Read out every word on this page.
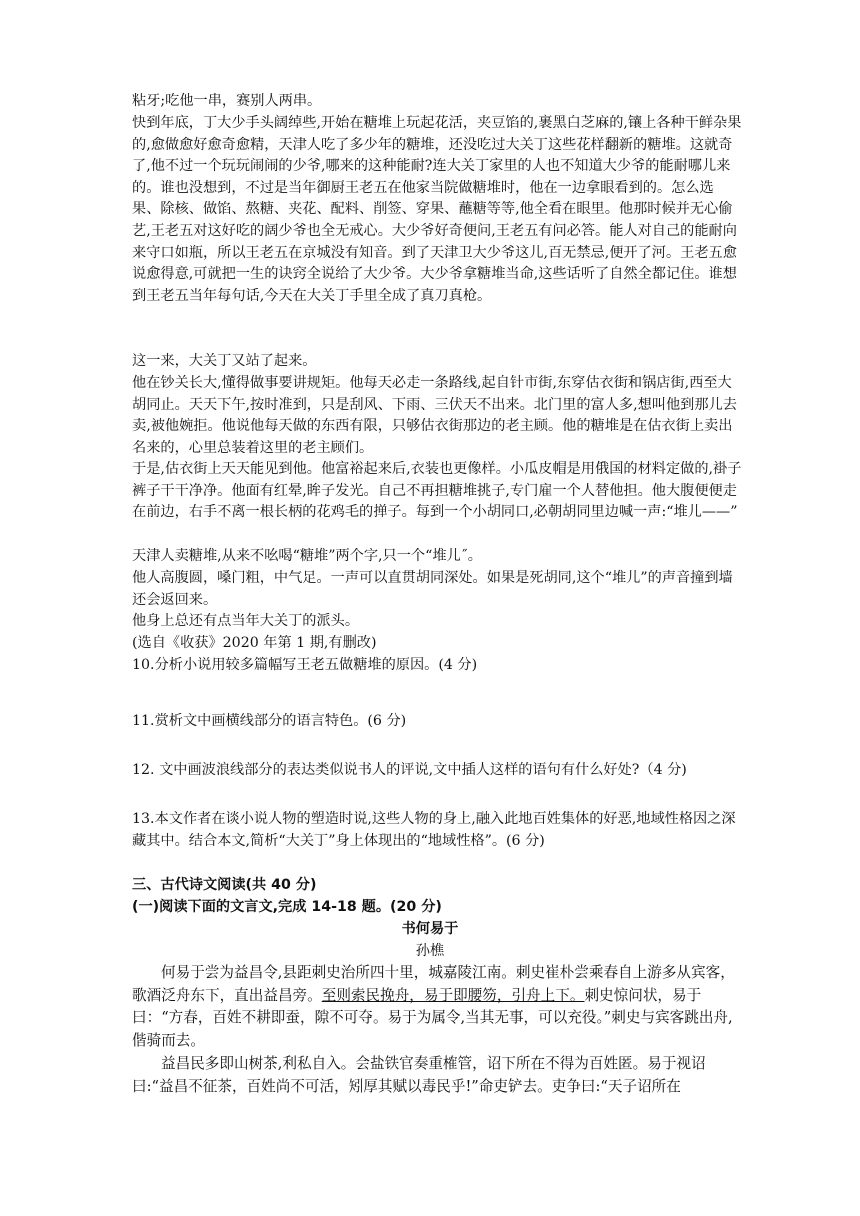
粘牙;吃他一串，赛别人两串。
快到年底，丁大少手头阔绰些,开始在糖堆上玩起花活，夹豆馅的,裹黑白芝麻的,镶上各种干鲜杂果的,愈做愈好愈奇愈精，天津人吃了多少年的糖堆，还没吃过大关丁这些花样翻新的糖堆。这就奇了,他不过一个玩玩闹闹的少爷,哪来的这种能耐?连大关丁家里的人也不知道大少爷的能耐哪儿来的。谁也没想到，不过是当年御厨王老五在他家当院做糖堆时，他在一边拿眼看到的。怎么选果、除核、做馅、熬糖、夹花、配料、削签、穿果、蘸糖等等,他全看在眼里。他那时候并无心偷艺,王老五对这好吃的阔少爷也全无戒心。大少爷好奇便问,王老五有问必答。能人对自己的能耐向来守口如瓶，所以王老五在京城没有知音。到了天津卫大少爷这儿,百无禁忌,便开了河。王老五愈说愈得意,可就把一生的诀窍全说给了大少爷。大少爷拿糖堆当命,这些话听了自然全都记住。谁想到王老五当年每句话,今天在大关丁手里全成了真刀真枪。
这一来，大关丁又站了起来。
他在钞关长大,懂得做事要讲规矩。他每天必走一条路线,起自针市街,东穿估衣街和锅店街,西至大胡同止。天天下午,按时准到，只是刮风、下雨、三伏天不出来。北门里的富人多,想叫他到那儿去卖,被他婉拒。他说他每天做的东西有限，只够估衣街那边的老主顾。他的糖堆是在估衣街上卖出名来的，心里总装着这里的老主顾们。
于是,估衣街上天天能见到他。他富裕起来后,衣装也更像样。小瓜皮帽是用俄国的材料定做的,褂子裤子干干净净。他面有红晕,眸子发光。自己不再担糖堆挑子,专门雇一个人替他担。他大腹便便走在前边，右手不离一根长柄的花鸡毛的掸子。每到一个小胡同口,必朝胡同里边喊一声:“堆儿——”
天津人卖糖堆,从来不吆喝“糖堆”两个字,只一个“堆儿˝。
他人高腹圆，嗓门粗，中气足。一声可以直贯胡同深处。如果是死胡同,这个“堆儿”的声音撞到墙还会返回来。
他身上总还有点当年大关丁的派头。
(选自《收获》2020 年第 1 期,有删改)
10.分析小说用较多篇幅写王老五做糖堆的原因。(4 分)
11.赏析文中画横线部分的语言特色。(6 分)
12. 文中画波浪线部分的表达类似说书人的评说,文中插人这样的语句有什么好处?（4 分)
13.本文作者在谈小说人物的塑造时说,这些人物的身上,融入此地百姓集体的好恶,地域性格因之深藏其中。结合本文,简析“大关丁”身上体现出的“地域性格”。(6 分)
三、古代诗文阅读(共 40 分)
(一)阅读下面的文言文,完成 14-18 题。(20 分)
书何易于
孙樵
何易于尝为益昌令,县距刺史治所四十里，城嘉陵江南。刺史崔朴尝乘春自上游多从宾客，歌酒泛舟东下，直出益昌旁。至则索民挽舟，易于即腰笏，引舟上下。刺史惊问状，易于曰：“方春，百姓不耕即蚕，隙不可夺。易于为属令,当其无事，可以充役。”刺史与宾客跳出舟,偕骑而去。
益昌民多即山树茶,利私自入。会盐铁官奏重榷管，诏下所在不得为百姓匿。易于视诏曰:“益昌不征茶，百姓尚不可活，矧厚其赋以毒民乎!”命吏铲去。吏争曰:“天子诏所在
